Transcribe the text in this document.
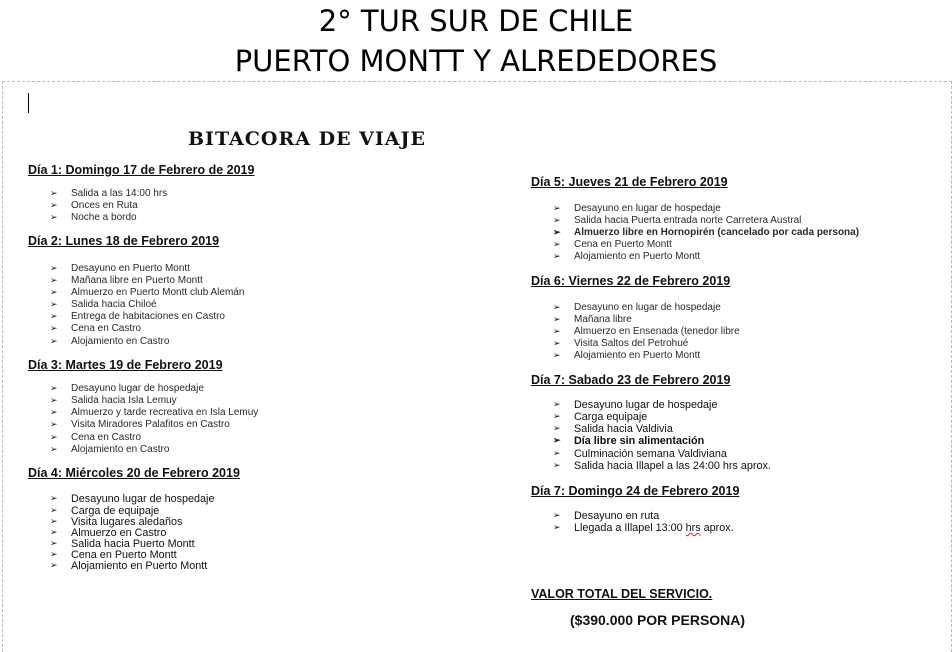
2° TUR SUR DE CHILE
PUERTO MONTT Y ALREDEDORES
BITACORA DE VIAJE
Día 1: Domingo 17 de Febrero de 2019
➢ Salida a las 14:00 hrs
➢ Onces en Ruta
➢ Noche a bordo
Día 2: Lunes 18 de Febrero 2019
➢ Desayuno en Puerto Montt
➢ Mañana libre en Puerto Montt
➢ Almuerzo en Puerto Montt club Alemán
➢ Salida hacia Chiloé
➢ Entrega de habitaciones en Castro
➢ Cena en Castro
➢ Alojamiento en Castro
Día 3: Martes 19 de Febrero 2019
➢ Desayuno lugar de hospedaje
➢ Salida hacia Isla Lemuy
➢ Almuerzo y tarde recreativa en Isla Lemuy
➢ Visita Miradores Palafitos en Castro
➢ Cena en Castro
➢ Alojamiento en Castro
Día 4: Miércoles 20 de Febrero 2019
➢ Desayuno lugar de hospedaje
➢ Carga de equipaje
➢ Visita lugares aledaños
➢ Almuerzo en Castro
➢ Salida hacia Puerto Montt
➢ Cena en Puerto Montt
➢ Alojamiento en Puerto Montt
Día 5: Jueves 21 de Febrero 2019
➢ Desayuno en lugar de hospedaje
➢ Salida hacia Puerta entrada norte Carretera Austral
➢ Almuerzo libre en Hornopirén (cancelado por cada persona)
➢ Cena en Puerto Montt
➢ Alojamiento en Puerto Montt
Día 6: Viernes 22 de Febrero 2019
➢ Desayuno en lugar de hospedaje
➢ Mañana libre
➢ Almuerzo en Ensenada (tenedor libre
➢ Visita Saltos del Petrohué
➢ Alojamiento en Puerto Montt
Día 7: Sabado 23 de Febrero 2019
➢ Desayuno lugar de hospedaje
➢ Carga equipaje
➢ Salida hacia Valdivia
➢ Día libre sin alimentación
➢ Culminación semana Valdiviana
➢ Salida hacia Illapel a las 24:00 hrs aprox.
Día 7: Domingo 24 de Febrero 2019
➢ Desayuno en ruta
➢ Llegada a Illapel 13:00 hrs aprox.
VALOR TOTAL DEL SERVICIO.
($390.000 POR PERSONA)
